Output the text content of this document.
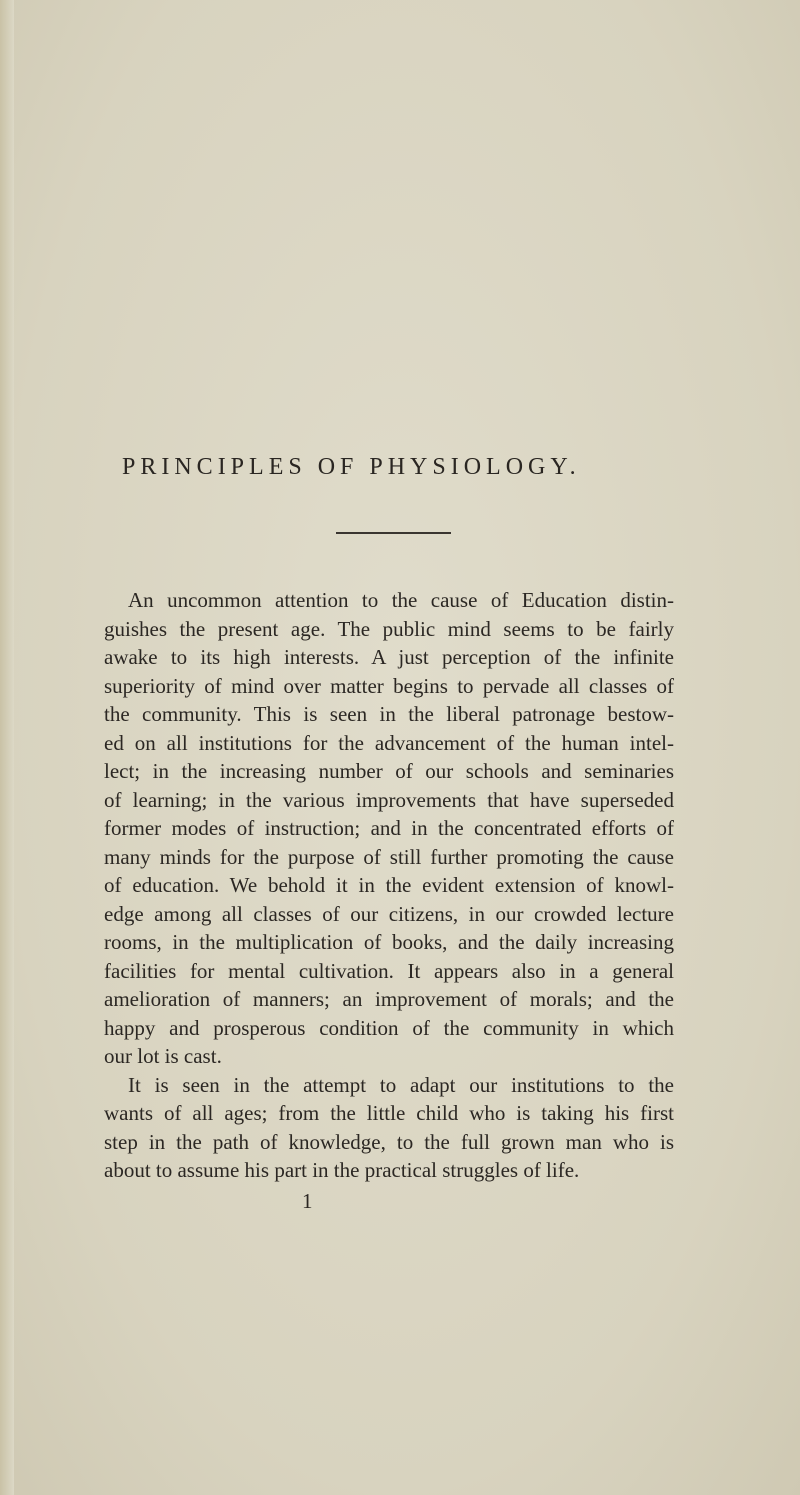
PRINCIPLES OF PHYSIOLOGY.
An uncommon attention to the cause of Education distin-
guishes the present age. The public mind seems to be fairly
awake to its high interests. A just perception of the infinite
superiority of mind over matter begins to pervade all classes of
the community. This is seen in the liberal patronage bestow-
ed on all institutions for the advancement of the human intel-
lect; in the increasing number of our schools and seminaries
of learning; in the various improvements that have superseded
former modes of instruction; and in the concentrated efforts of
many minds for the purpose of still further promoting the cause
of education. We behold it in the evident extension of knowl-
edge among all classes of our citizens, in our crowded lecture
rooms, in the multiplication of books, and the daily increasing
facilities for mental cultivation. It appears also in a general
amelioration of manners; an improvement of morals; and the
happy and prosperous condition of the community in which
our lot is cast.
It is seen in the attempt to adapt our institutions to the
wants of all ages; from the little child who is taking his first
step in the path of knowledge, to the full grown man who is
about to assume his part in the practical struggles of life.
1
